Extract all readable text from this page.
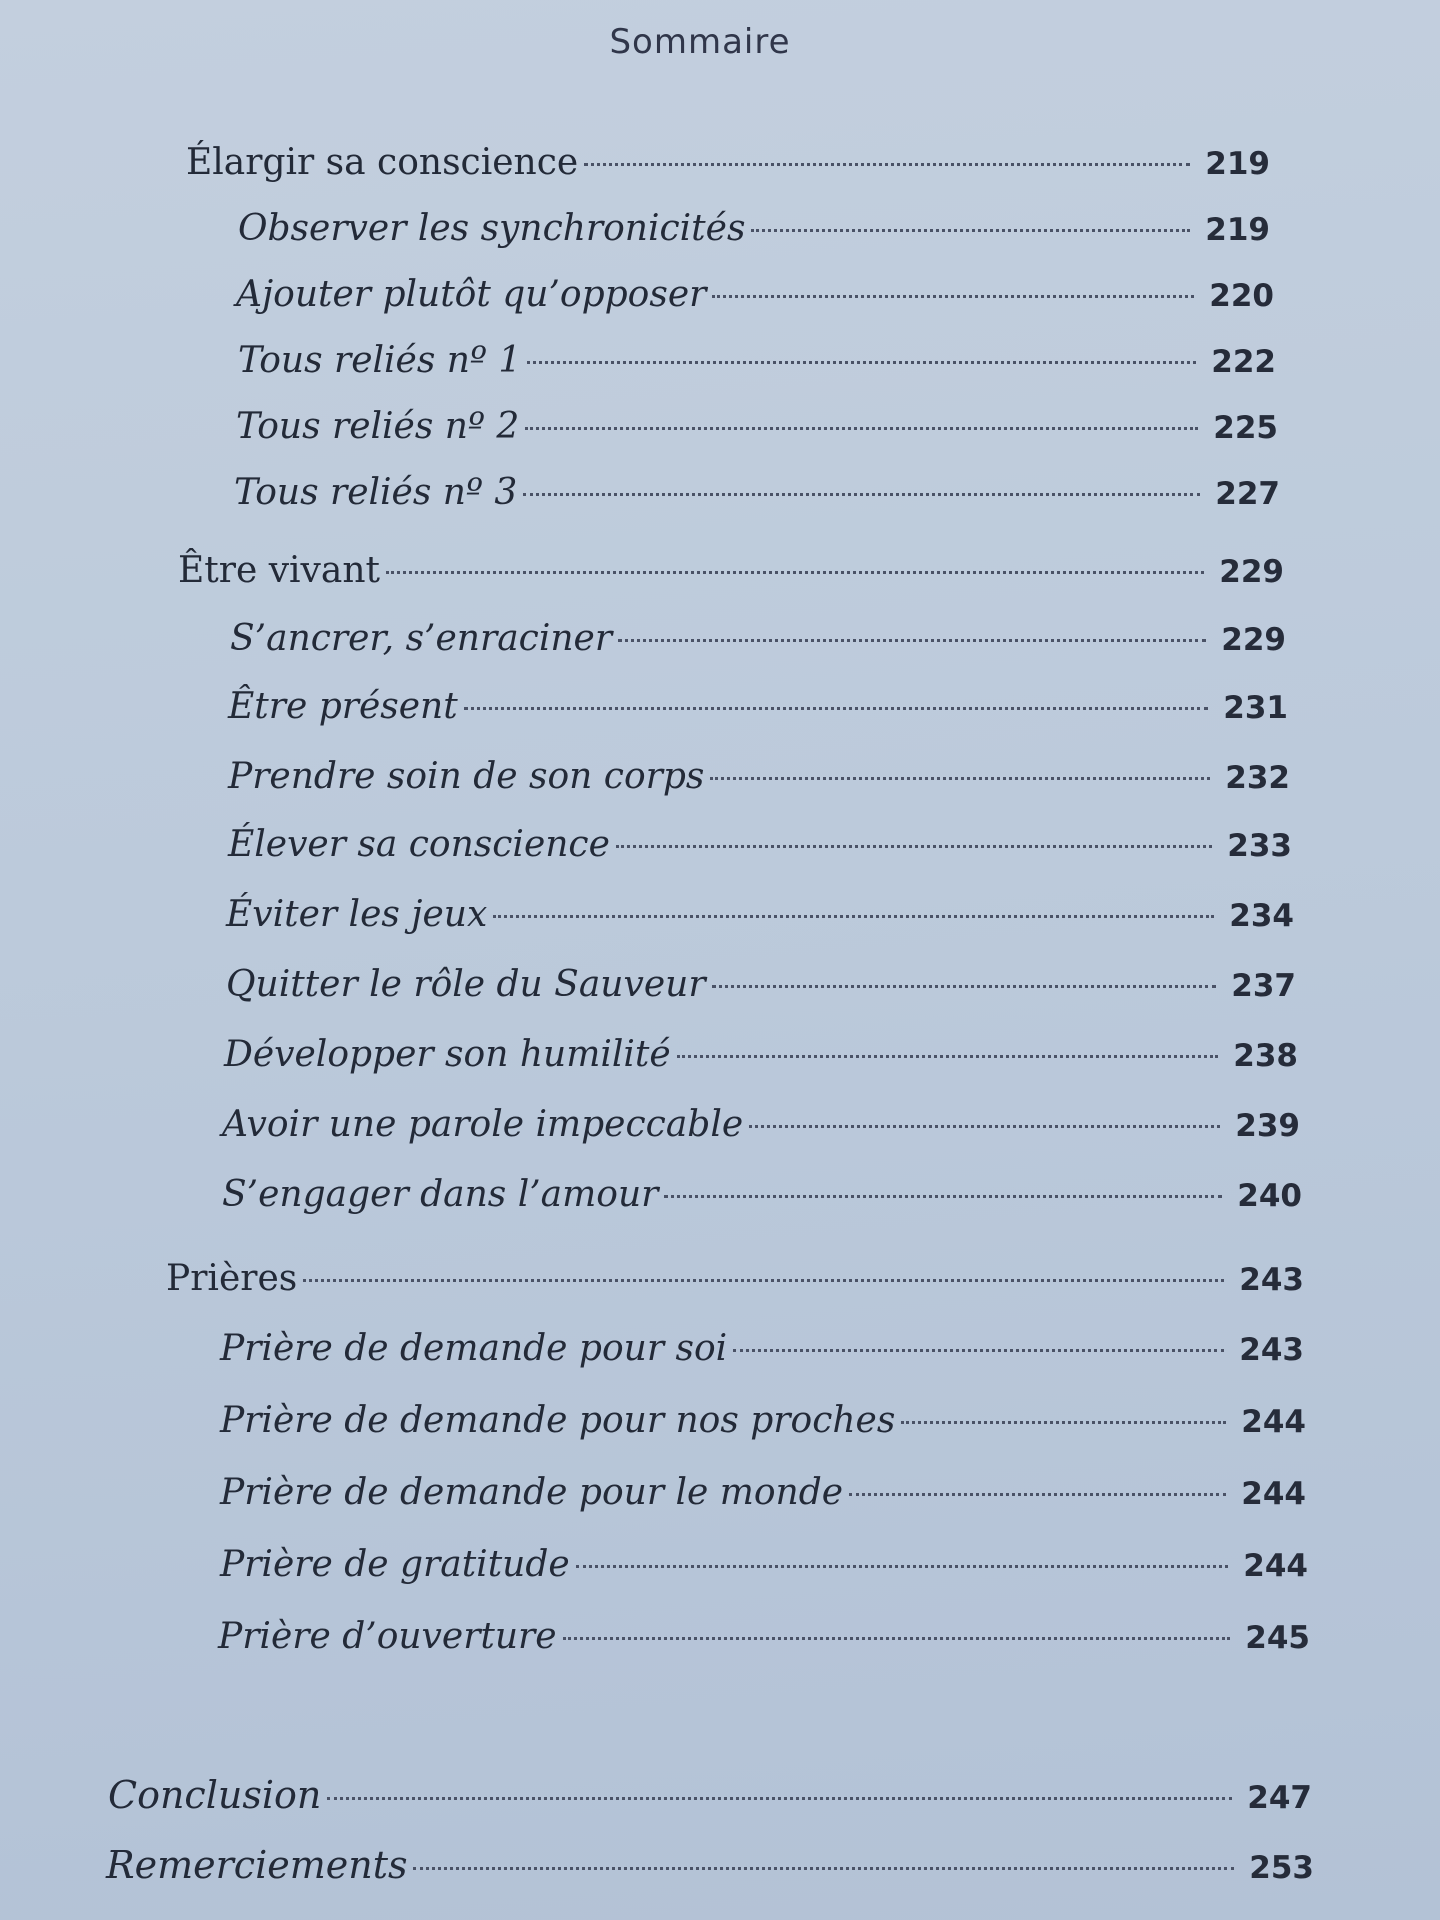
Sommaire
Élargir sa conscience	219
Observer les synchronicités	219
Ajouter plutôt qu’opposer	220
Tous reliés nº 1	222
Tous reliés nº 2	225
Tous reliés nº 3	227
Être vivant	229
S’ancrer, s’enraciner	229
Être présent	231
Prendre soin de son corps	232
Élever sa conscience	233
Éviter les jeux	234
Quitter le rôle du Sauveur	237
Développer son humilité	238
Avoir une parole impeccable	239
S’engager dans l’amour	240
Prières	243
Prière de demande pour soi	243
Prière de demande pour nos proches	244
Prière de demande pour le monde	244
Prière de gratitude	244
Prière d’ouverture	245
Conclusion	247
Remerciements	253
